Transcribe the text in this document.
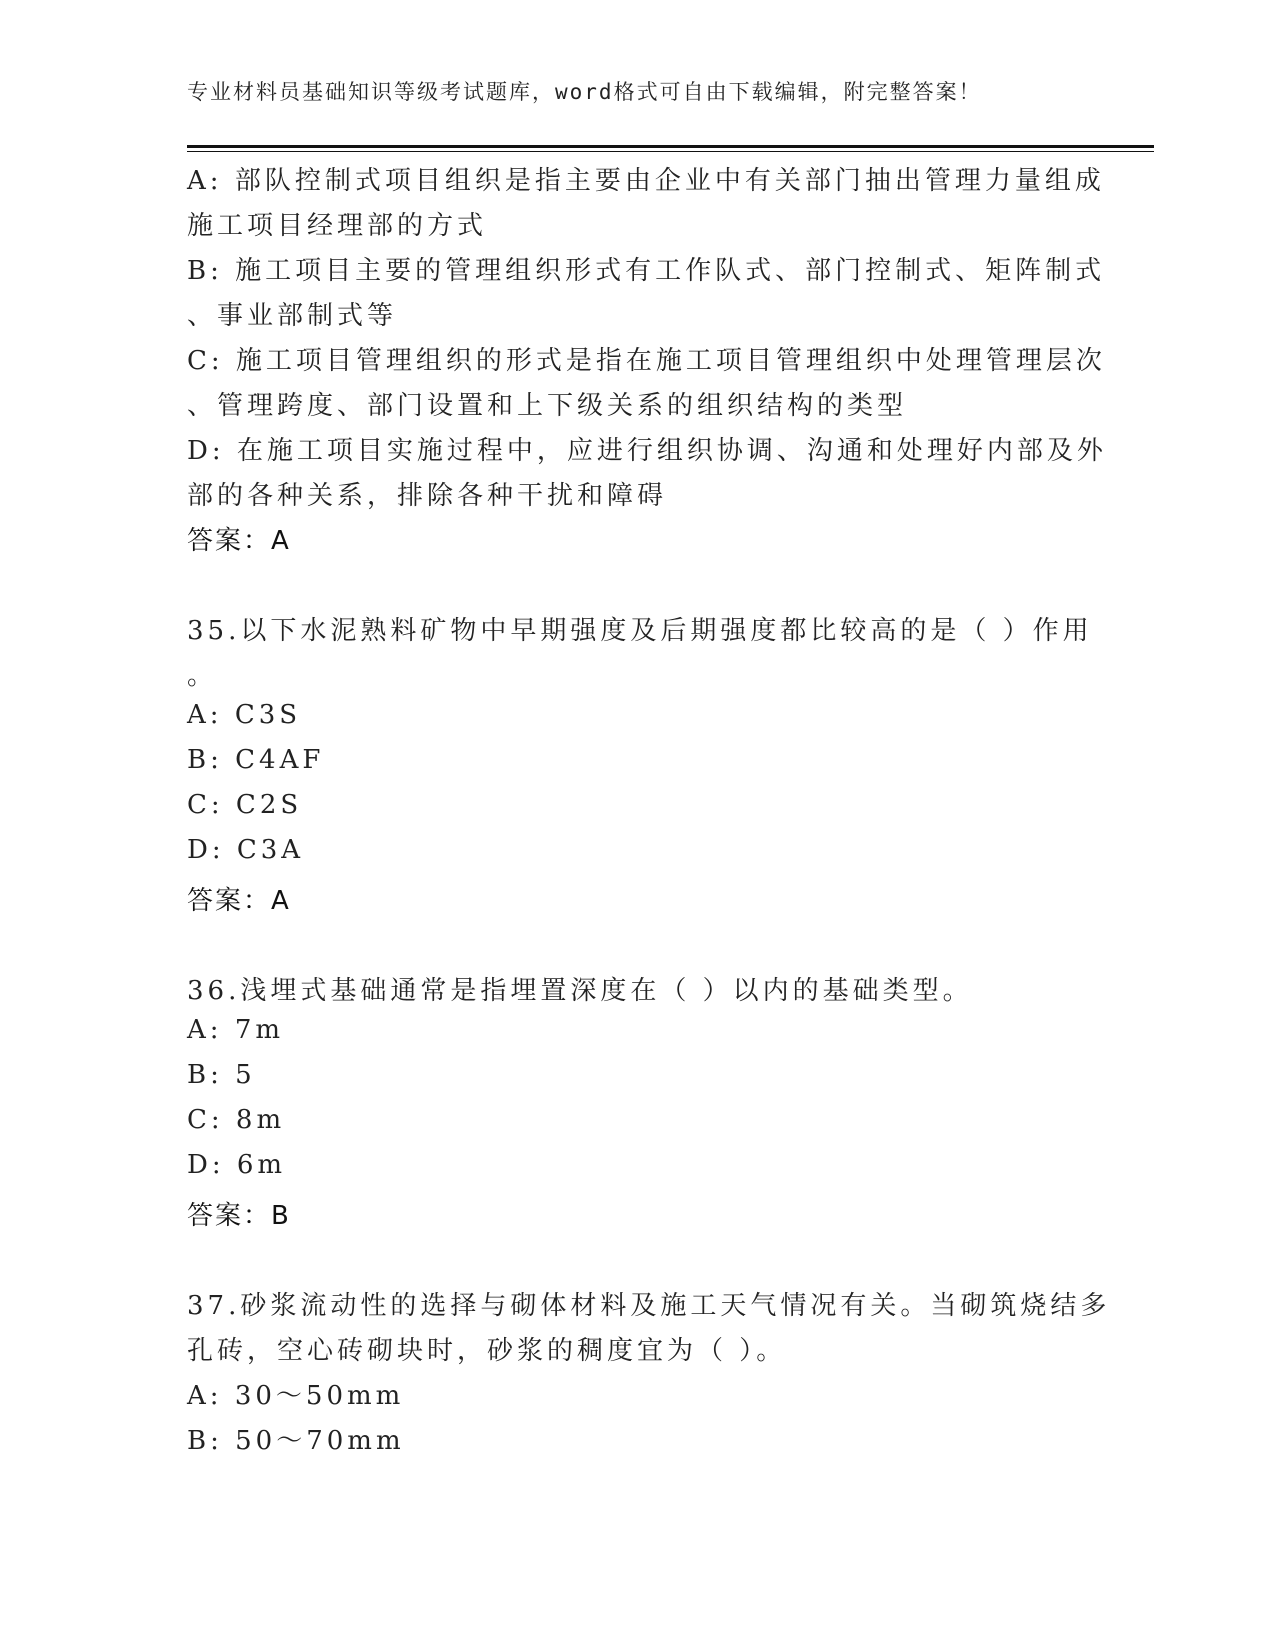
专业材料员基础知识等级考试题库，word格式可自由下载编辑，附完整答案！
A: 部队控制式项目组织是指主要由企业中有关部门抽出管理力量组成
施工项目经理部的方式
B: 施工项目主要的管理组织形式有工作队式、部门控制式、矩阵制式
、事业部制式等
C: 施工项目管理组织的形式是指在施工项目管理组织中处理管理层次
、管理跨度、部门设置和上下级关系的组织结构的类型
D: 在施工项目实施过程中，应进行组织协调、沟通和处理好内部及外
部的各种关系，排除各种干扰和障碍
答案：A
35.以下水泥熟料矿物中早期强度及后期强度都比较高的是（ ）作用
。
A: C3S
B: C4AF
C: C2S
D: C3A
答案：A
36.浅埋式基础通常是指埋置深度在（ ）以内的基础类型。
A: 7m
B: 5
C: 8m
D: 6m
答案：B
37.砂浆流动性的选择与砌体材料及施工天气情况有关。当砌筑烧结多
孔砖，空心砖砌块时，砂浆的稠度宜为（ ）。
A: 30～50mm
B: 50～70mm
